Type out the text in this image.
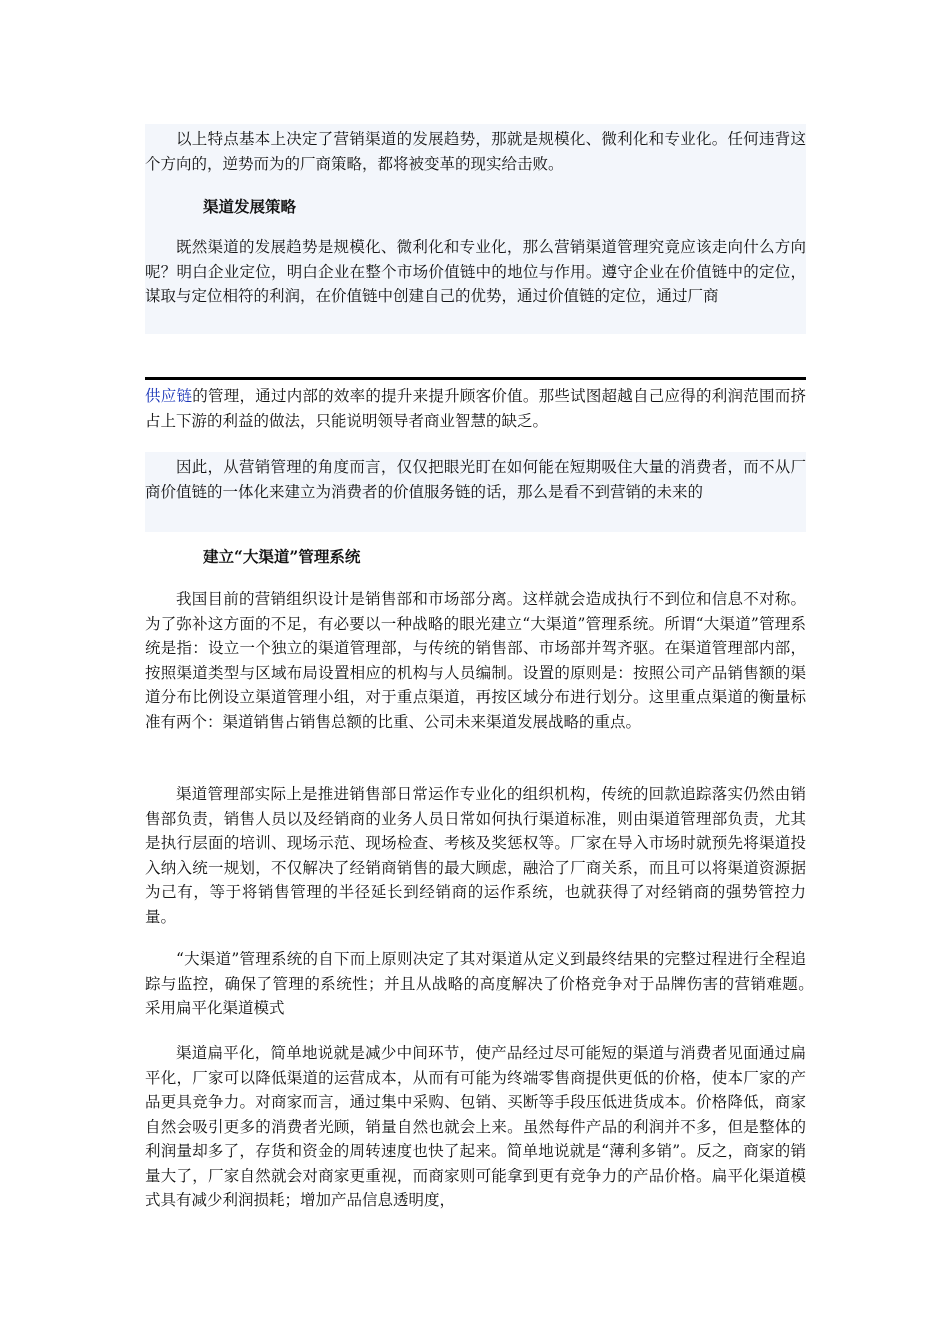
以上特点基本上决定了营销渠道的发展趋势，那就是规模化、微利化和专业化。任何违背这个方向的，逆势而为的厂商策略，都将被变革的现实给击败。

渠道发展策略

既然渠道的发展趋势是规模化、微利化和专业化，那么营销渠道管理究竟应该走向什么方向呢？明白企业定位，明白企业在整个市场价值链中的地位与作用。遵守企业在价值链中的定位，谋取与定位相符的利润，在价值链中创建自己的优势，通过价值链的定位，通过厂商

供应链的管理，通过内部的效率的提升来提升顾客价值。那些试图超越自己应得的利润范围而挤占上下游的利益的做法，只能说明领导者商业智慧的缺乏。

因此，从营销管理的角度而言，仅仅把眼光盯在如何能在短期吸住大量的消费者，而不从厂商价值链的一体化来建立为消费者的价值服务链的话，那么是看不到营销的未来的

建立“大渠道”管理系统

我国目前的营销组织设计是销售部和市场部分离。这样就会造成执行不到位和信息不对称。为了弥补这方面的不足，有必要以一种战略的眼光建立“大渠道”管理系统。所谓“大渠道”管理系统是指：设立一个独立的渠道管理部，与传统的销售部、市场部并驾齐驱。在渠道管理部内部，按照渠道类型与区域布局设置相应的机构与人员编制。设置的原则是：按照公司产品销售额的渠道分布比例设立渠道管理小组，对于重点渠道，再按区域分布进行划分。这里重点渠道的衡量标准有两个：渠道销售占销售总额的比重、公司未来渠道发展战略的重点。

渠道管理部实际上是推进销售部日常运作专业化的组织机构，传统的回款追踪落实仍然由销售部负责，销售人员以及经销商的业务人员日常如何执行渠道标准，则由渠道管理部负责，尤其是执行层面的培训、现场示范、现场检查、考核及奖惩权等。厂家在导入市场时就预先将渠道投入纳入统一规划，不仅解决了经销商销售的最大顾虑，融洽了厂商关系，而且可以将渠道资源据为己有，等于将销售管理的半径延长到经销商的运作系统，也就获得了对经销商的强势管控力量。

“大渠道”管理系统的自下而上原则决定了其对渠道从定义到最终结果的完整过程进行全程追踪与监控，确保了管理的系统性；并且从战略的高度解决了价格竞争对于品牌伤害的营销难题。　采用扁平化渠道模式

渠道扁平化，简单地说就是减少中间环节，使产品经过尽可能短的渠道与消费者见面通过扁平化，厂家可以降低渠道的运营成本，从而有可能为终端零售商提供更低的价格，使本厂家的产品更具竞争力。对商家而言，通过集中采购、包销、买断等手段压低进货成本。价格降低，商家自然会吸引更多的消费者光顾，销量自然也就会上来。虽然每件产品的利润并不多，但是整体的利润量却多了，存货和资金的周转速度也快了起来。简单地说就是“薄利多销”。反之，商家的销量大了，厂家自然就会对商家更重视，而商家则可能拿到更有竞争力的产品价格。扁平化渠道模式具有减少利润损耗；增加产品信息透明度，
